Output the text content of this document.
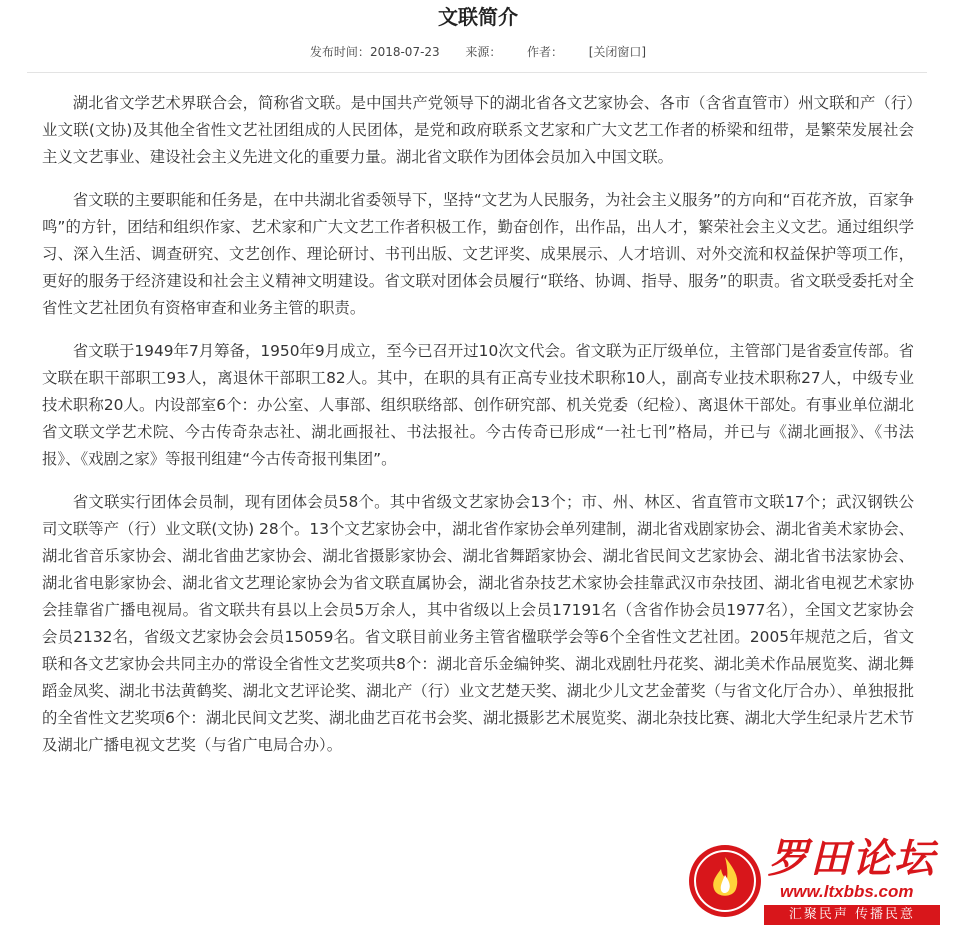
文联简介
发布时间：2018-07-23 来源： 作者： [关闭窗口]

湖北省文学艺术界联合会，简称省文联。是中国共产党领导下的湖北省各文艺家协会、各市（含省直管市）州文联和产（行）业文联(文协)及其他全省性文艺社团组成的人民团体，是党和政府联系文艺家和广大文艺工作者的桥梁和纽带，是繁荣发展社会主义文艺事业、建设社会主义先进文化的重要力量。湖北省文联作为团体会员加入中国文联。

省文联的主要职能和任务是，在中共湖北省委领导下，坚持“文艺为人民服务，为社会主义服务”的方向和“百花齐放，百家争鸣”的方针，团结和组织作家、艺术家和广大文艺工作者积极工作，勤奋创作，出作品，出人才，繁荣社会主义文艺。通过组织学习、深入生活、调查研究、文艺创作、理论研讨、书刊出版、文艺评奖、成果展示、人才培训、对外交流和权益保护等项工作，更好的服务于经济建设和社会主义精神文明建设。省文联对团体会员履行“联络、协调、指导、服务”的职责。省文联受委托对全省性文艺社团负有资格审查和业务主管的职责。

省文联于1949年7月筹备，1950年9月成立，至今已召开过10次文代会。省文联为正厅级单位，主管部门是省委宣传部。省文联在职干部职工93人，离退休干部职工82人。其中，在职的具有正高专业技术职称10人，副高专业技术职称27人，中级专业技术职称20人。内设部室6个：办公室、人事部、组织联络部、创作研究部、机关党委（纪检）、离退休干部处。有事业单位湖北省文联文学艺术院、今古传奇杂志社、湖北画报社、书法报社。今古传奇已形成“一社七刊”格局，并已与《湖北画报》、《书法报》、《戏剧之家》等报刊组建“今古传奇报刊集团”。

省文联实行团体会员制，现有团体会员58个。其中省级文艺家协会13个；市、州、林区、省直管市文联17个；武汉钢铁公司文联等产（行）业文联(文协) 28个。13个文艺家协会中，湖北省作家协会单列建制，湖北省戏剧家协会、湖北省美术家协会、湖北省音乐家协会、湖北省曲艺家协会、湖北省摄影家协会、湖北省舞蹈家协会、湖北省民间文艺家协会、湖北省书法家协会、湖北省电影家协会、湖北省文艺理论家协会为省文联直属协会，湖北省杂技艺术家协会挂靠武汉市杂技团、湖北省电视艺术家协会挂靠省广播电视局。省文联共有县以上会员5万余人，其中省级以上会员17191名（含省作协会员1977名），全国文艺家协会会员2132名，省级文艺家协会会员15059名。省文联目前业务主管省楹联学会等6个全省性文艺社团。2005年规范之后，省文联和各文艺家协会共同主办的常设全省性文艺奖项共8个：湖北音乐金编钟奖、湖北戏剧牡丹花奖、湖北美术作品展览奖、湖北舞蹈金凤奖、湖北书法黄鹤奖、湖北文艺评论奖、湖北产（行）业文艺楚天奖、湖北少儿文艺金蕾奖（与省文化厅合办）、单独报批的全省性文艺奖项6个：湖北民间文艺奖、湖北曲艺百花书会奖、湖北摄影艺术展览奖、湖北杂技比赛、湖北大学生纪录片艺术节及湖北广播电视文艺奖（与省广电局合办）。

罗田论坛
www.ltxbbs.com
汇聚民声 传播民意
